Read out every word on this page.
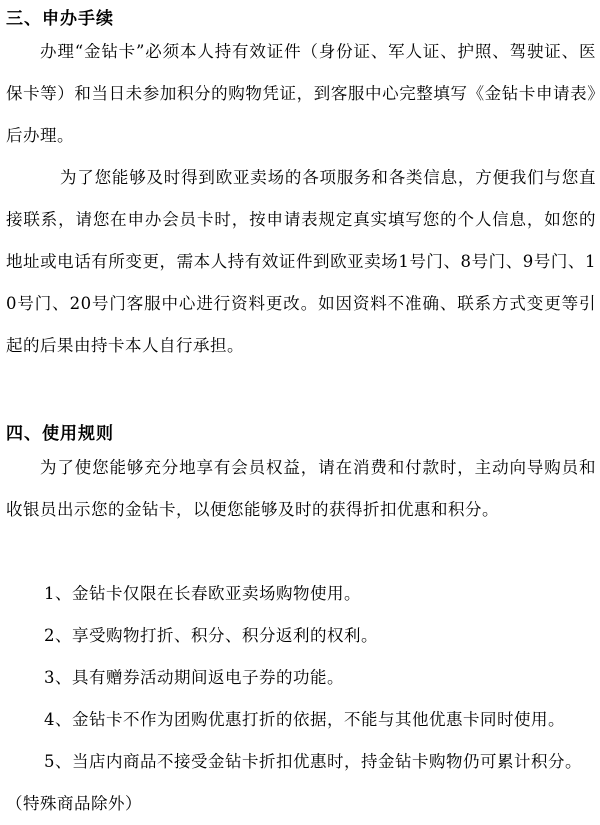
三、申办手续

办理“金钻卡”必须本人持有效证件（身份证、军人证、护照、驾驶证、医保卡等）和当日未参加积分的购物凭证，到客服中心完整填写《金钻卡申请表》后办理。

为了您能够及时得到欧亚卖场的各项服务和各类信息，方便我们与您直接联系，请您在申办会员卡时，按申请表规定真实填写您的个人信息，如您的地址或电话有所变更，需本人持有效证件到欧亚卖场1号门、8号门、9号门、10号门、20号门客服中心进行资料更改。如因资料不准确、联系方式变更等引起的后果由持卡本人自行承担。

四、使用规则

为了使您能够充分地享有会员权益，请在消费和付款时，主动向导购员和收银员出示您的金钻卡，以便您能够及时的获得折扣优惠和积分。

1、金钻卡仅限在长春欧亚卖场购物使用。

2、享受购物打折、积分、积分返利的权利。

3、具有赠券活动期间返电子券的功能。

4、金钻卡不作为团购优惠打折的依据，不能与其他优惠卡同时使用。

5、当店内商品不接受金钻卡折扣优惠时，持金钻卡购物仍可累计积分。（特殊商品除外）
